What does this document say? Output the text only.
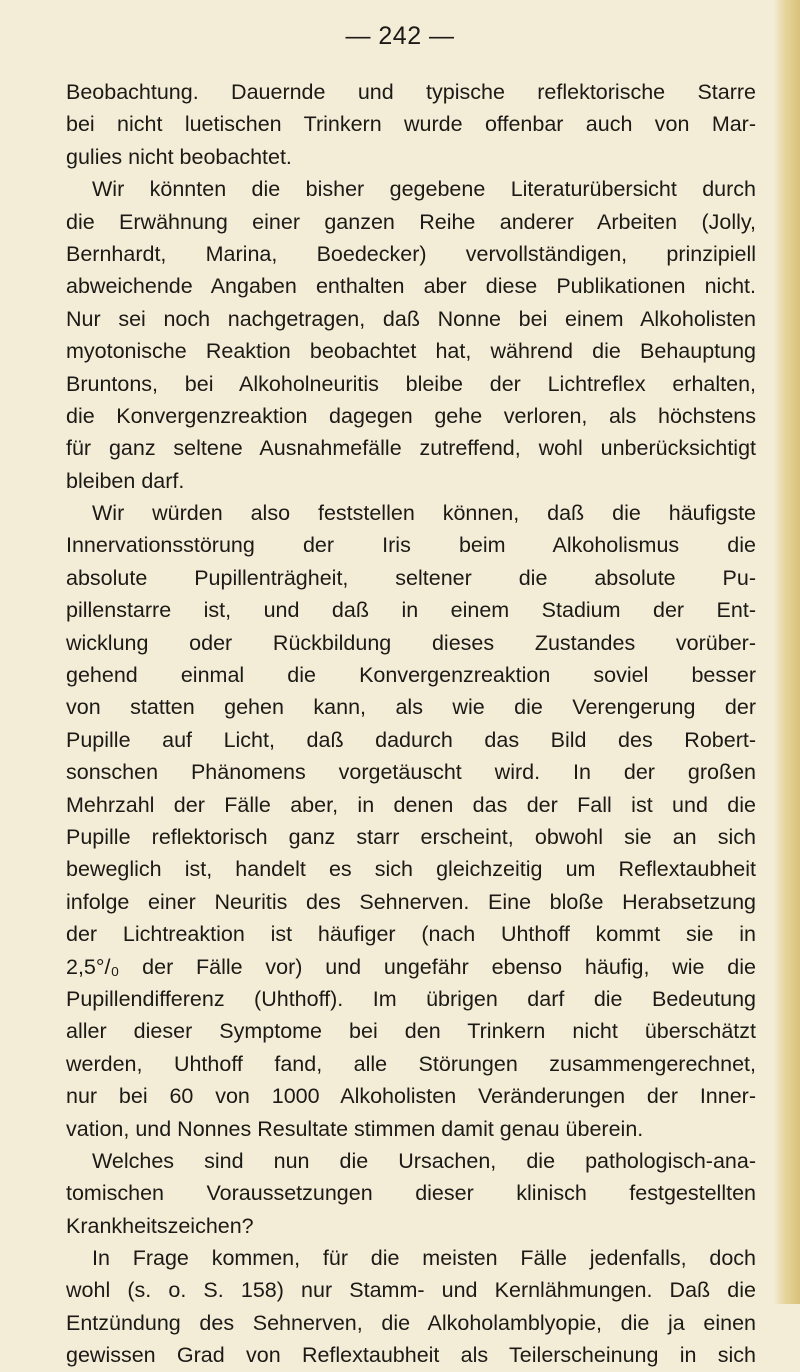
— 242 —
Beobachtung. Dauernde und typische reflektorische Starre
bei nicht luetischen Trinkern wurde offenbar auch von Mar-
gulies nicht beobachtet.
Wir könnten die bisher gegebene Literaturübersicht durch
die Erwähnung einer ganzen Reihe anderer Arbeiten (Jolly,
Bernhardt, Marina, Boedecker) vervollständigen, prinzipiell
abweichende Angaben enthalten aber diese Publikationen nicht.
Nur sei noch nachgetragen, daß Nonne bei einem Alkoholisten
myotonische Reaktion beobachtet hat, während die Behauptung
Bruntons, bei Alkoholneuritis bleibe der Lichtreflex erhalten,
die Konvergenzreaktion dagegen gehe verloren, als höchstens
für ganz seltene Ausnahmefälle zutreffend, wohl unberücksichtigt
bleiben darf.
Wir würden also feststellen können, daß die häufigste
Innervationsstörung der Iris beim Alkoholismus die
absolute Pupillenträgheit, seltener die absolute Pu-
pillenstarre ist, und daß in einem Stadium der Ent-
wicklung oder Rückbildung dieses Zustandes vorüber-
gehend einmal die Konvergenzreaktion soviel besser
von statten gehen kann, als wie die Verengerung der
Pupille auf Licht, daß dadurch das Bild des Robert-
sonschen Phänomens vorgetäuscht wird. In der großen
Mehrzahl der Fälle aber, in denen das der Fall ist und die
Pupille reflektorisch ganz starr erscheint, obwohl sie an sich
beweglich ist, handelt es sich gleichzeitig um Reflextaubheit
infolge einer Neuritis des Sehnerven. Eine bloße Herabsetzung
der Lichtreaktion ist häufiger (nach Uhthoff kommt sie in
2,5°/₀ der Fälle vor) und ungefähr ebenso häufig, wie die
Pupillendifferenz (Uhthoff). Im übrigen darf die Bedeutung
aller dieser Symptome bei den Trinkern nicht überschätzt
werden, Uhthoff fand, alle Störungen zusammengerechnet,
nur bei 60 von 1000 Alkoholisten Veränderungen der Inner-
vation, und Nonnes Resultate stimmen damit genau überein.
Welches sind nun die Ursachen, die pathologisch-ana-
tomischen Voraussetzungen dieser klinisch festgestellten
Krankheitszeichen?
In Frage kommen, für die meisten Fälle jedenfalls, doch
wohl (s. o. S. 158) nur Stamm- und Kernlähmungen. Daß die
Entzündung des Sehnerven, die Alkoholamblyopie, die ja einen
gewissen Grad von Reflextaubheit als Teilerscheinung in sich
